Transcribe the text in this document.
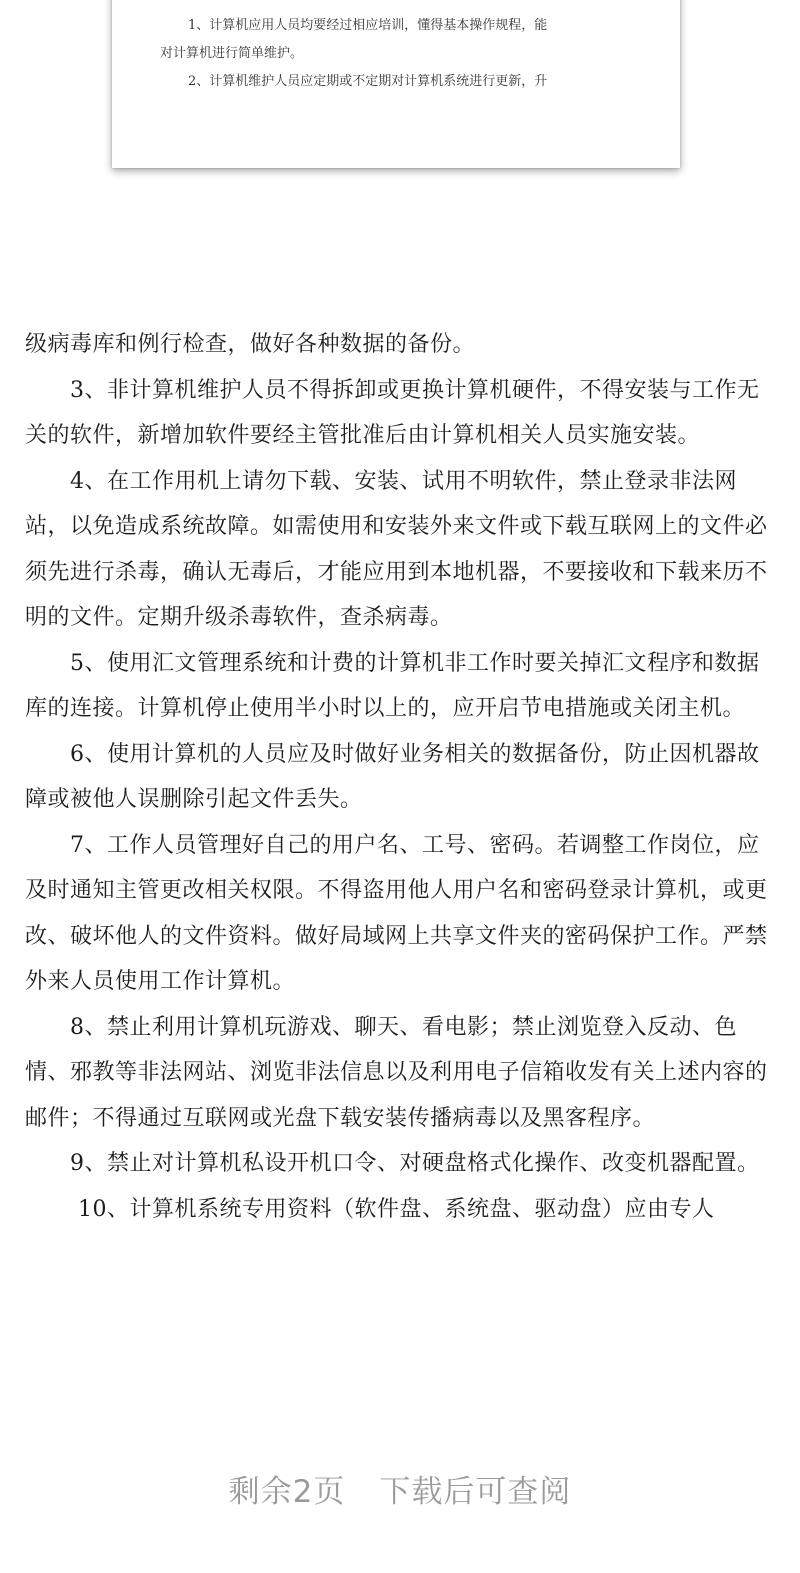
1、计算机应用人员均要经过相应培训，懂得基本操作规程，能

对计算机进行简单维护。

2、计算机维护人员应定期或不定期对计算机系统进行更新，升

级病毒库和例行检查，做好各种数据的备份。

3、非计算机维护人员不得拆卸或更换计算机硬件，不得安装与工作无关的软件，新增加软件要经主管批准后由计算机相关人员实施安装。

4、在工作用机上请勿下载、安装、试用不明软件，禁止登录非法网站，以免造成系统故障。如需使用和安装外来文件或下载互联网上的文件必须先进行杀毒，确认无毒后，才能应用到本地机器，不要接收和下载来历不明的文件。定期升级杀毒软件，查杀病毒。

5、使用汇文管理系统和计费的计算机非工作时要关掉汇文程序和数据库的连接。计算机停止使用半小时以上的，应开启节电措施或关闭主机。

6、使用计算机的人员应及时做好业务相关的数据备份，防止因机器故障或被他人误删除引起文件丢失。

7、工作人员管理好自己的用户名、工号、密码。若调整工作岗位，应及时通知主管更改相关权限。不得盗用他人用户名和密码登录计算机，或更改、破坏他人的文件资料。做好局域网上共享文件夹的密码保护工作。严禁外来人员使用工作计算机。

8、禁止利用计算机玩游戏、聊天、看电影；禁止浏览登入反动、色情、邪教等非法网站、浏览非法信息以及利用电子信箱收发有关上述内容的邮件；不得通过互联网或光盘下载安装传播病毒以及黑客程序。

9、禁止对计算机私设开机口令、对硬盘格式化操作、改变机器配置。

10、计算机系统专用资料（软件盘、系统盘、驱动盘）应由专人

剩余2页 下载后可查阅
